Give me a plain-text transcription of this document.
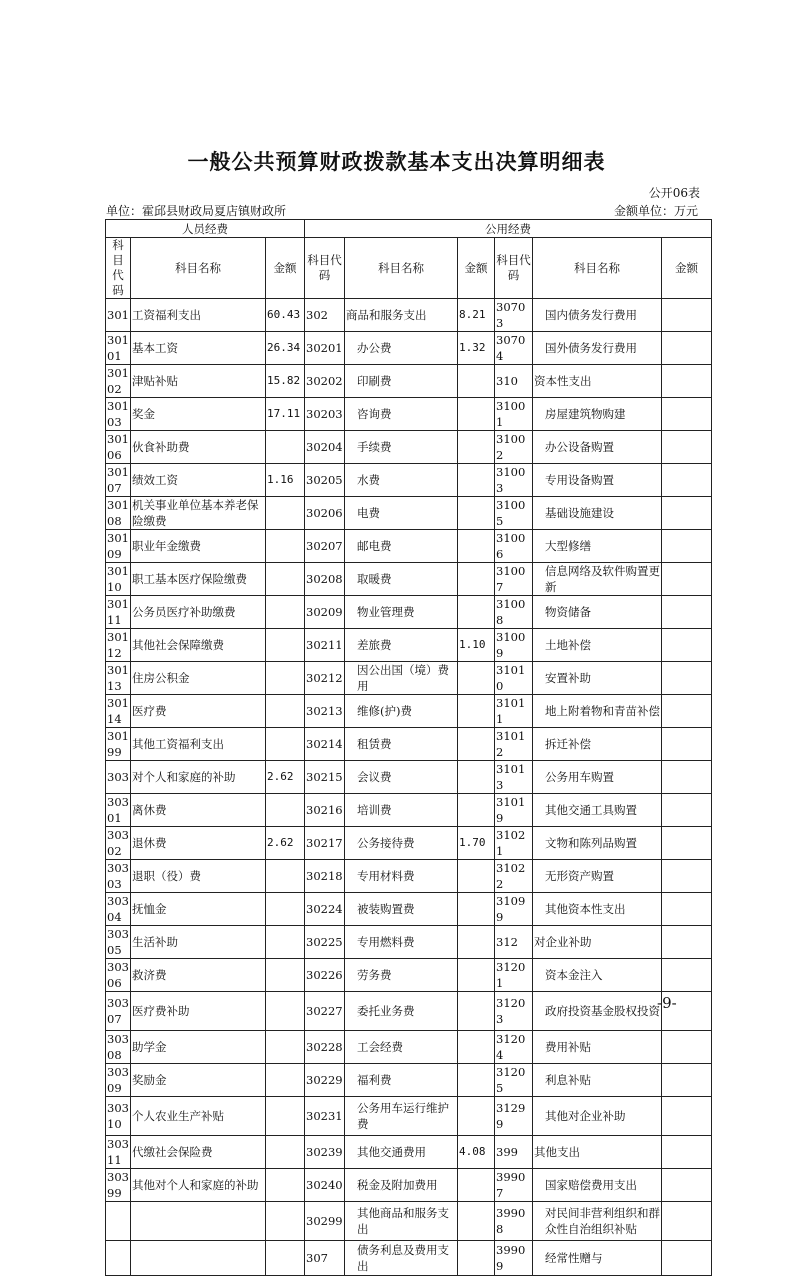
一般公共预算财政拨款基本支出决算明细表
公开06表
单位：霍邱县财政局夏店镇财政所	金额单位：万元
人员经费			公用经费					
科目代码	科目名称	金额	科目代码	科目名称	金额	科目代码	科目名称	金额
301	工资福利支出	60.43	302	商品和服务支出	8.21	30703	国内债务发行费用	
30101	基本工资	26.34	30201	办公费	1.32	30704	国外债务发行费用	
30102	津贴补贴	15.82	30202	印刷费		310	资本性支出	
30103	奖金	17.11	30203	咨询费		31001	房屋建筑物购建	
30106	伙食补助费		30204	手续费		31002	办公设备购置	
30107	绩效工资	1.16	30205	水费		31003	专用设备购置	
30108	机关事业单位基本养老保险缴费		30206	电费		31005	基础设施建设	
30109	职业年金缴费		30207	邮电费		31006	大型修缮	
30110	职工基本医疗保险缴费		30208	取暖费		31007	信息网络及软件购置更新	
30111	公务员医疗补助缴费		30209	物业管理费		31008	物资储备	
30112	其他社会保障缴费		30211	差旅费	1.10	31009	土地补偿	
30113	住房公积金		30212	因公出国（境）费用		31010	安置补助	
30114	医疗费		30213	维修(护)费		31011	地上附着物和青苗补偿	
30199	其他工资福利支出		30214	租赁费		31012	拆迁补偿	
303	对个人和家庭的补助	2.62	30215	会议费		31013	公务用车购置	
30301	离休费		30216	培训费		31019	其他交通工具购置	
30302	退休费	2.62	30217	公务接待费	1.70	31021	文物和陈列品购置	
30303	退职（役）费		30218	专用材料费		31022	无形资产购置	
30304	抚恤金		30224	被装购置费		31099	其他资本性支出	
30305	生活补助		30225	专用燃料费		312	对企业补助	
30306	救济费		30226	劳务费		31201	资本金注入	
30307	医疗费补助		30227	委托业务费		31203	政府投资基金股权投资	
30308	助学金		30228	工会经费		31204	费用补贴	
30309	奖励金		30229	福利费		31205	利息补贴	
30310	个人农业生产补贴		30231	公务用车运行维护费		31299	其他对企业补助	
30311	代缴社会保险费		30239	其他交通费用	4.08	399	其他支出	
30399	其他对个人和家庭的补助		30240	税金及附加费用		39907	国家赔偿费用支出	
			30299	其他商品和服务支出		39908	对民间非营利组织和群众性自治组织补贴	
			307	债务利息及费用支出		39909	经常性赠与	
-9-
